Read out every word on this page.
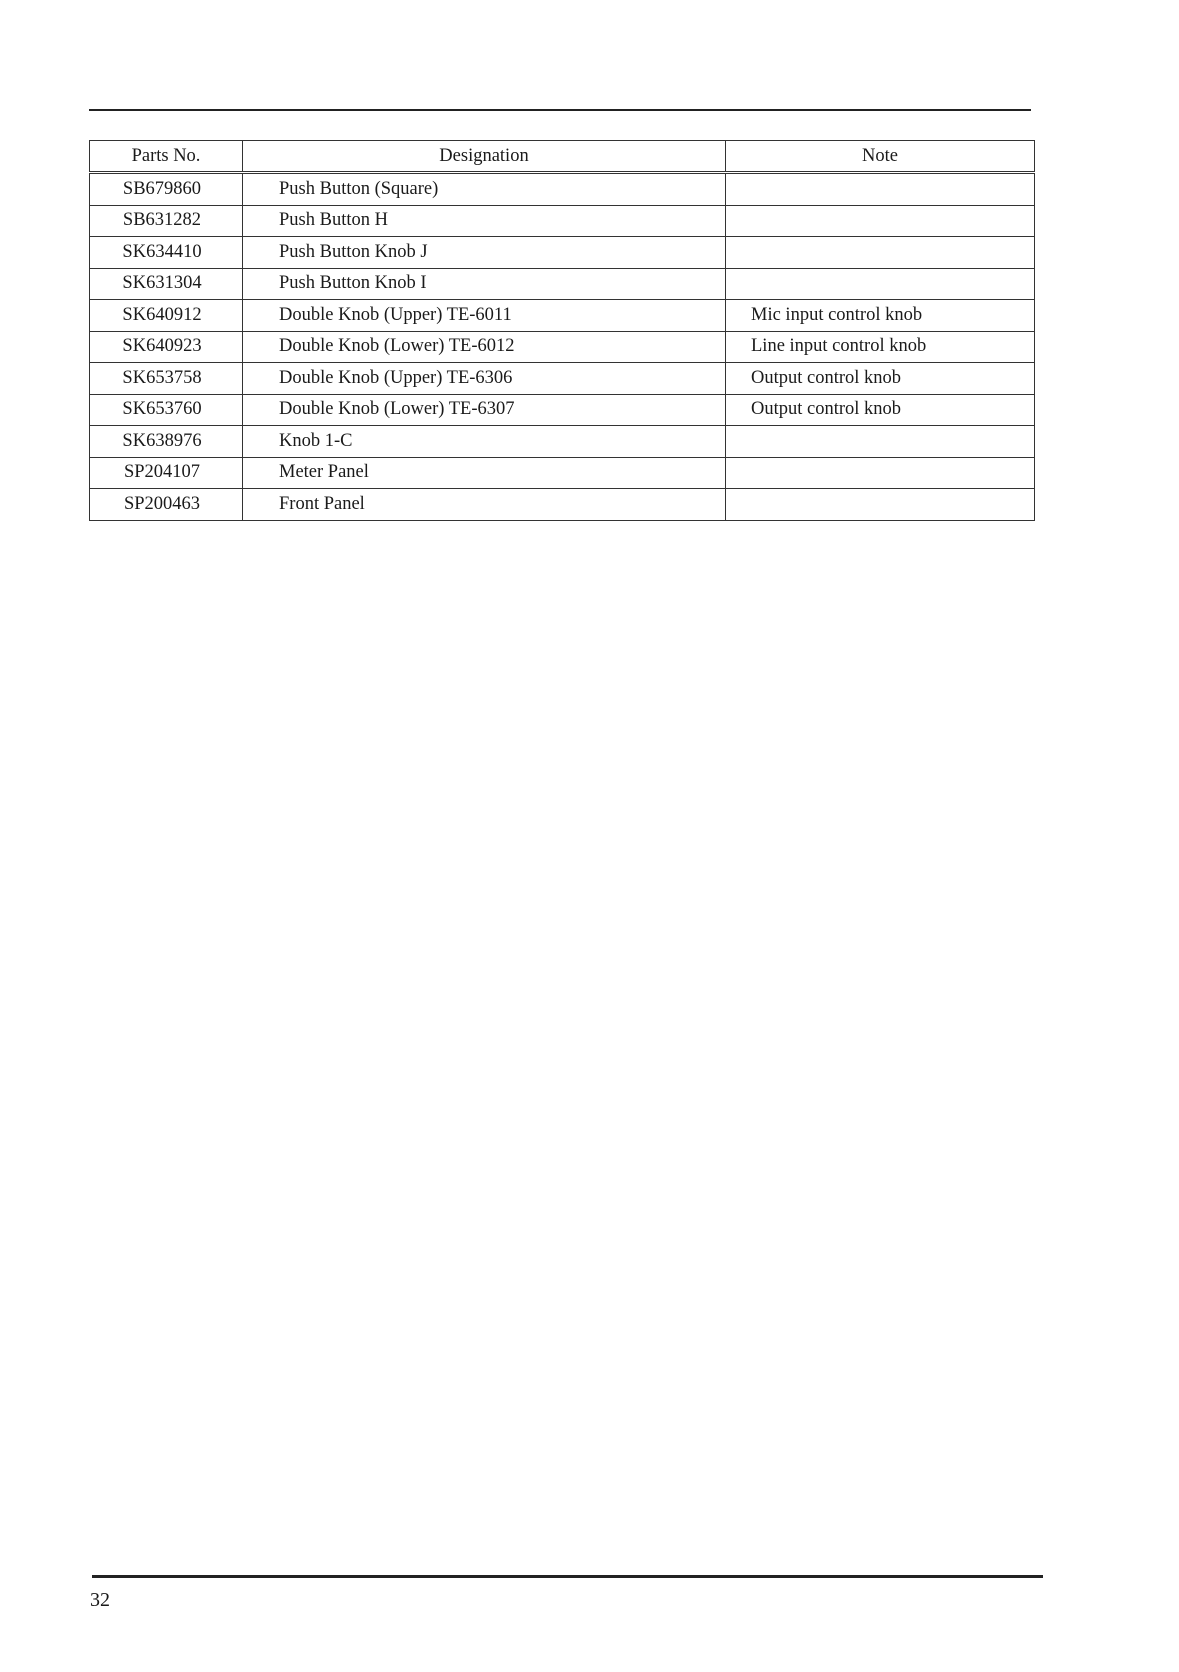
Parts No.	Designation	Note
SB679860	Push Button (Square)	
SB631282	Push Button H	
SK634410	Push Button Knob J	
SK631304	Push Button Knob I	
SK640912	Double Knob (Upper) TE-6011	Mic input control knob
SK640923	Double Knob (Lower) TE-6012	Line input control knob
SK653758	Double Knob (Upper) TE-6306	Output control knob
SK653760	Double Knob (Lower) TE-6307	Output control knob
SK638976	Knob 1-C	
SP204107	Meter Panel	
SP200463	Front Panel	
32
